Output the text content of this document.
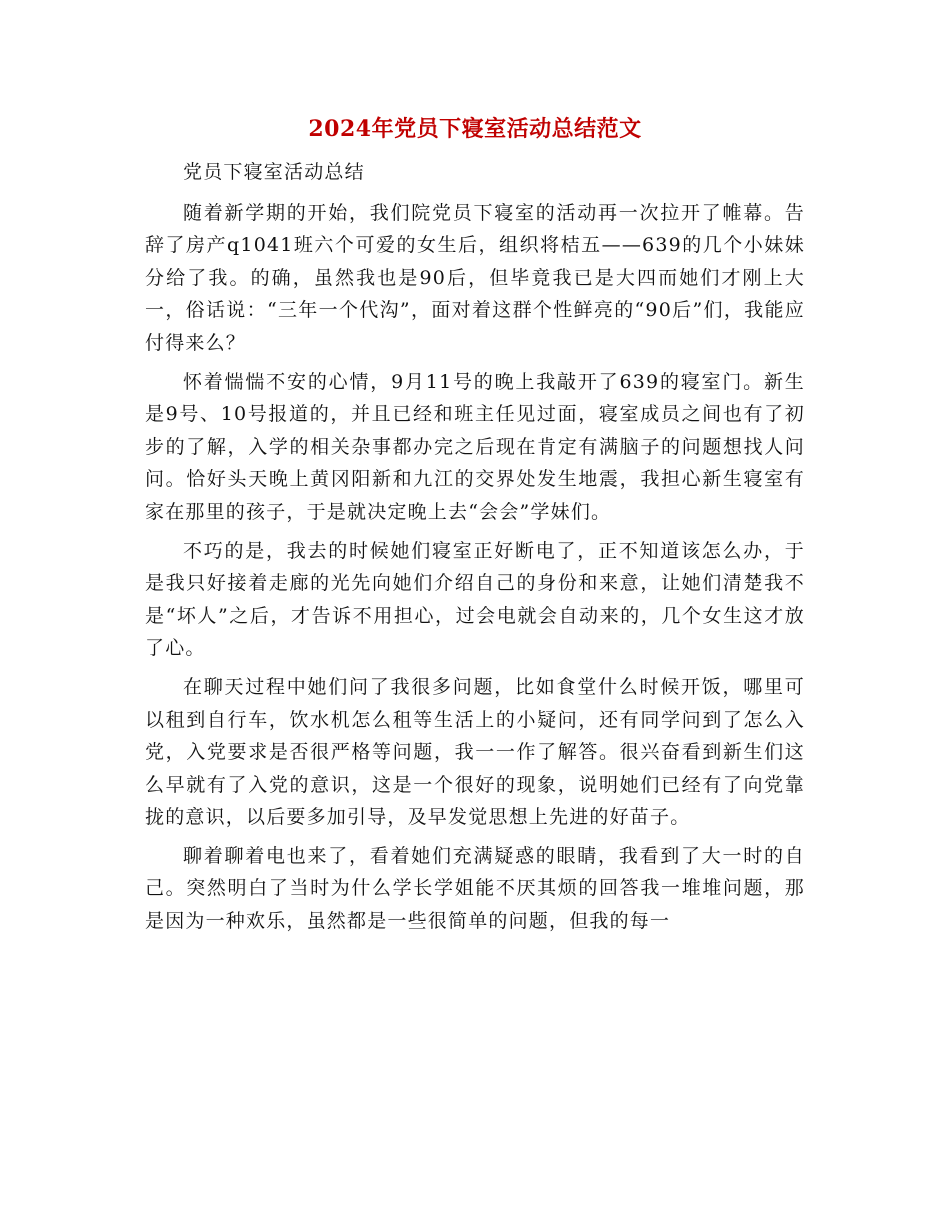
2024年党员下寝室活动总结范文

党员下寝室活动总结

随着新学期的开始，我们院党员下寝室的活动再一次拉开了帷幕。告辞了房产q1041班六个可爱的女生后，组织将桔五——639的几个小妹妹分给了我。的确，虽然我也是90后，但毕竟我已是大四而她们才刚上大一，俗话说：“三年一个代沟”，面对着这群个性鲜亮的“90后”们，我能应付得来么？

怀着惴惴不安的心情，9月11号的晚上我敲开了639的寝室门。新生是9号、10号报道的，并且已经和班主任见过面，寝室成员之间也有了初步的了解，入学的相关杂事都办完之后现在肯定有满脑子的问题想找人问问。恰好头天晚上黄冈阳新和九江的交界处发生地震，我担心新生寝室有家在那里的孩子，于是就决定晚上去“会会”学妹们。

不巧的是，我去的时候她们寝室正好断电了，正不知道该怎么办，于是我只好接着走廊的光先向她们介绍自己的身份和来意，让她们清楚我不是“坏人”之后，才告诉不用担心，过会电就会自动来的，几个女生这才放了心。

在聊天过程中她们问了我很多问题，比如食堂什么时候开饭，哪里可以租到自行车，饮水机怎么租等生活上的小疑问，还有同学问到了怎么入党，入党要求是否很严格等问题，我一一作了解答。很兴奋看到新生们这么早就有了入党的意识，这是一个很好的现象，说明她们已经有了向党靠拢的意识，以后要多加引导，及早发觉思想上先进的好苗子。

聊着聊着电也来了，看着她们充满疑惑的眼睛，我看到了大一时的自己。突然明白了当时为什么学长学姐能不厌其烦的回答我一堆堆问题，那是因为一种欢乐，虽然都是一些很简单的问题，但我的每一
